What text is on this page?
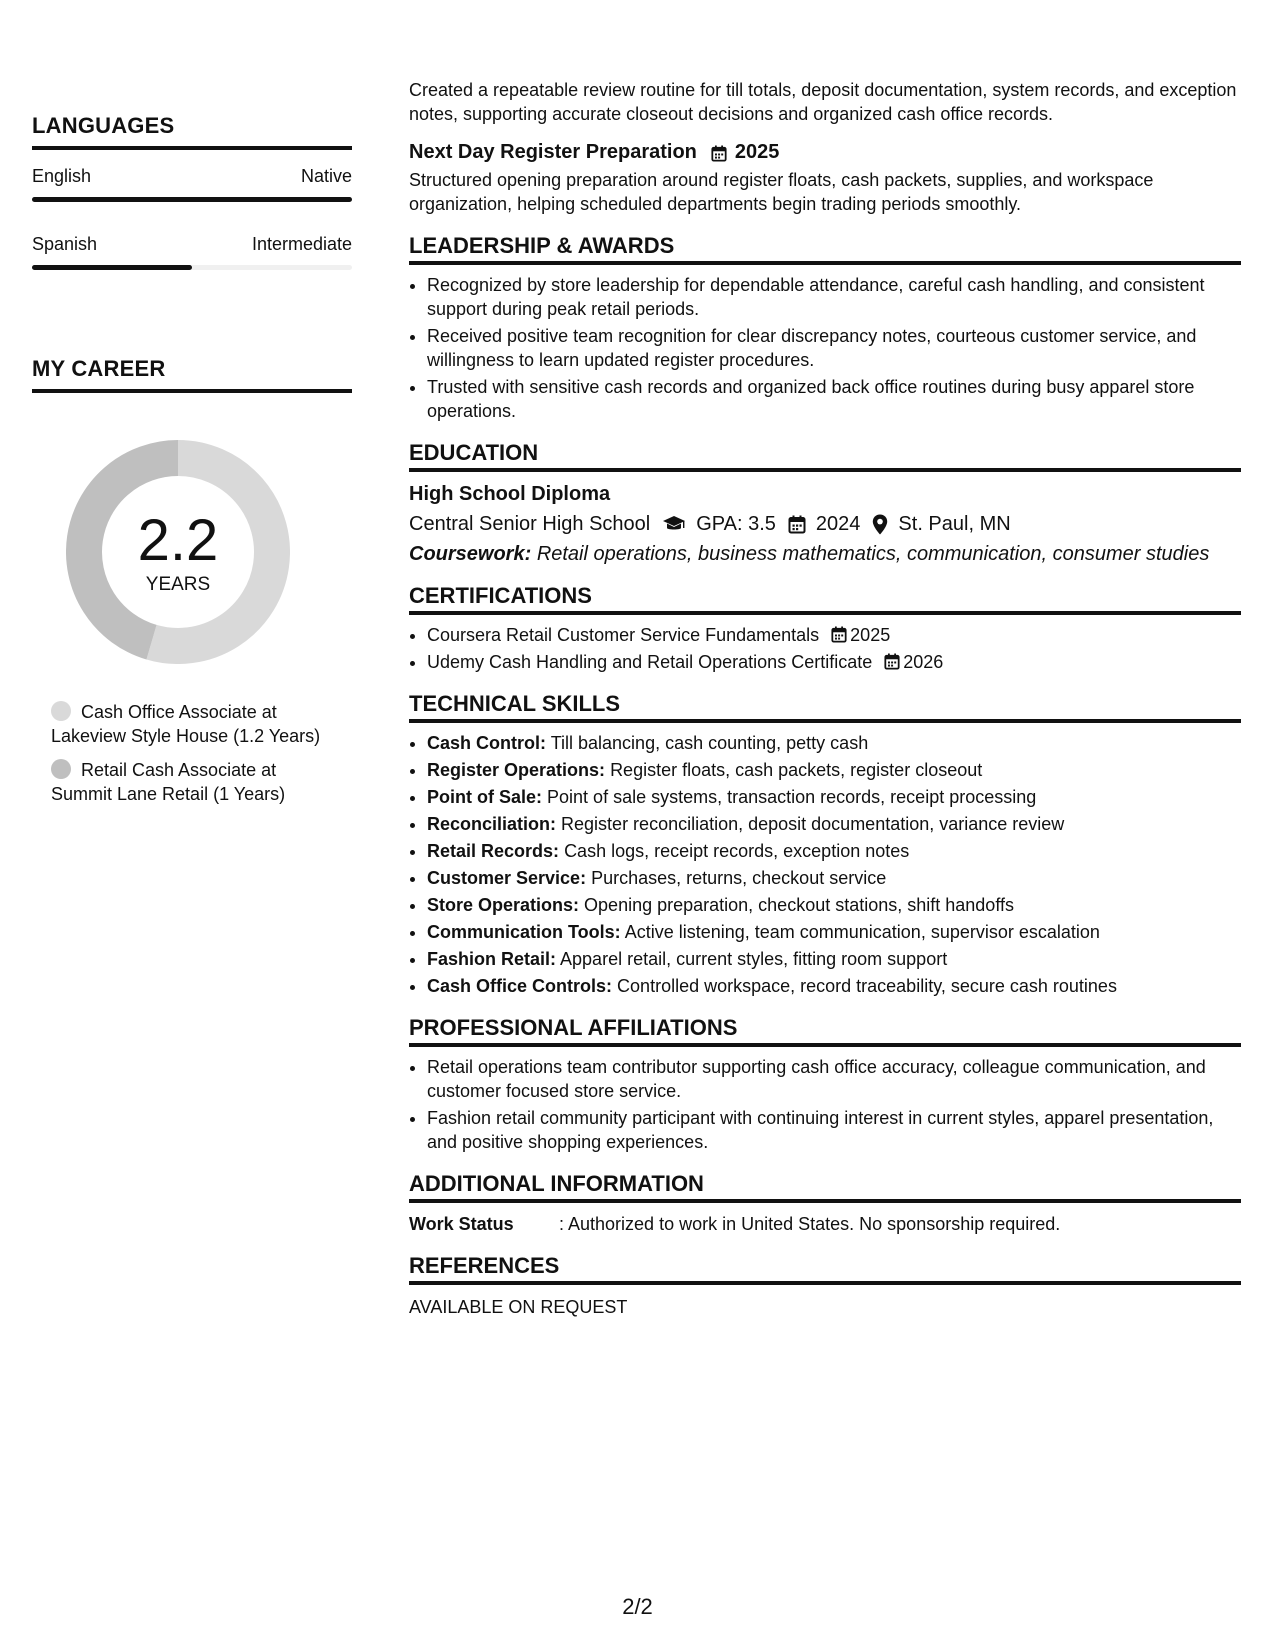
LANGUAGES
English	Native
Spanish	Intermediate
MY CAREER
2.2
YEARS
Cash Office Associate at Lakeview Style House (1.2 Years)
Retail Cash Associate at Summit Lane Retail (1 Years)

Created a repeatable review routine for till totals, deposit documentation, system records, and exception notes, supporting accurate closeout decisions and organized cash office records.

Next Day Register Preparation 2025

Structured opening preparation around register floats, cash packets, supplies, and workspace organization, helping scheduled departments begin trading periods smoothly.

LEADERSHIP & AWARDS
• Recognized by store leadership for dependable attendance, careful cash handling, and consistent support during peak retail periods.
• Received positive team recognition for clear discrepancy notes, courteous customer service, and willingness to learn updated register procedures.
• Trusted with sensitive cash records and organized back office routines during busy apparel store operations.
EDUCATION
High School Diploma
Central Senior High School GPA: 3.5 2024 St. Paul, MN
Coursework: Retail operations, business mathematics, communication, consumer studies
CERTIFICATIONS
• Coursera Retail Customer Service Fundamentals 2025
• Udemy Cash Handling and Retail Operations Certificate 2026
TECHNICAL SKILLS
• Cash Control: Till balancing, cash counting, petty cash
• Register Operations: Register floats, cash packets, register closeout
• Point of Sale: Point of sale systems, transaction records, receipt processing
• Reconciliation: Register reconciliation, deposit documentation, variance review
• Retail Records: Cash logs, receipt records, exception notes
• Customer Service: Purchases, returns, checkout service
• Store Operations: Opening preparation, checkout stations, shift handoffs
• Communication Tools: Active listening, team communication, supervisor escalation
• Fashion Retail: Apparel retail, current styles, fitting room support
• Cash Office Controls: Controlled workspace, record traceability, secure cash routines
PROFESSIONAL AFFILIATIONS
• Retail operations team contributor supporting cash office accuracy, colleague communication, and customer focused store service.
• Fashion retail community participant with continuing interest in current styles, apparel presentation, and positive shopping experiences.
ADDITIONAL INFORMATION
Work Status	: Authorized to work in United States. No sponsorship required.
REFERENCES

AVAILABLE ON REQUEST

2/2
